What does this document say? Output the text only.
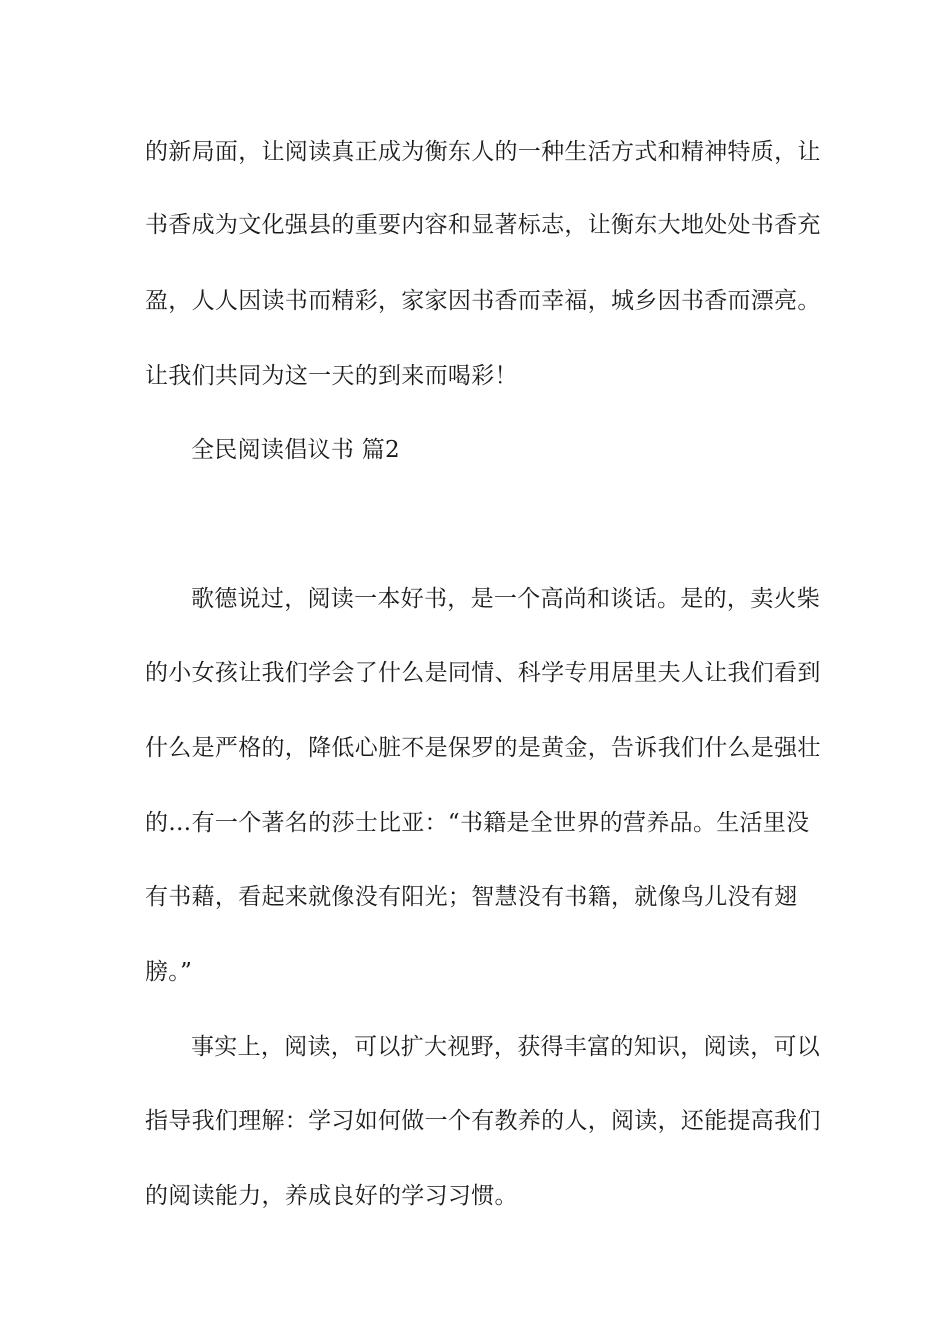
的新局面，让阅读真正成为衡东人的一种生活方式和精神特质，让
书香成为文化强县的重要内容和显著标志，让衡东大地处处书香充
盈，人人因读书而精彩，家家因书香而幸福，城乡因书香而漂亮。
让我们共同为这一天的到来而喝彩！
全民阅读倡议书 篇2
歌德说过，阅读一本好书，是一个高尚和谈话。是的，卖火柴
的小女孩让我们学会了什么是同情、科学专用居里夫人让我们看到
什么是严格的，降低心脏不是保罗的是黄金，告诉我们什么是强壮
的…有一个著名的莎士比亚：“书籍是全世界的营养品。生活里没
有书藉，看起来就像没有阳光；智慧没有书籍，就像鸟儿没有翅
膀。”
事实上，阅读，可以扩大视野，获得丰富的知识，阅读，可以
指导我们理解：学习如何做一个有教养的人，阅读，还能提高我们
的阅读能力，养成良好的学习习惯。
